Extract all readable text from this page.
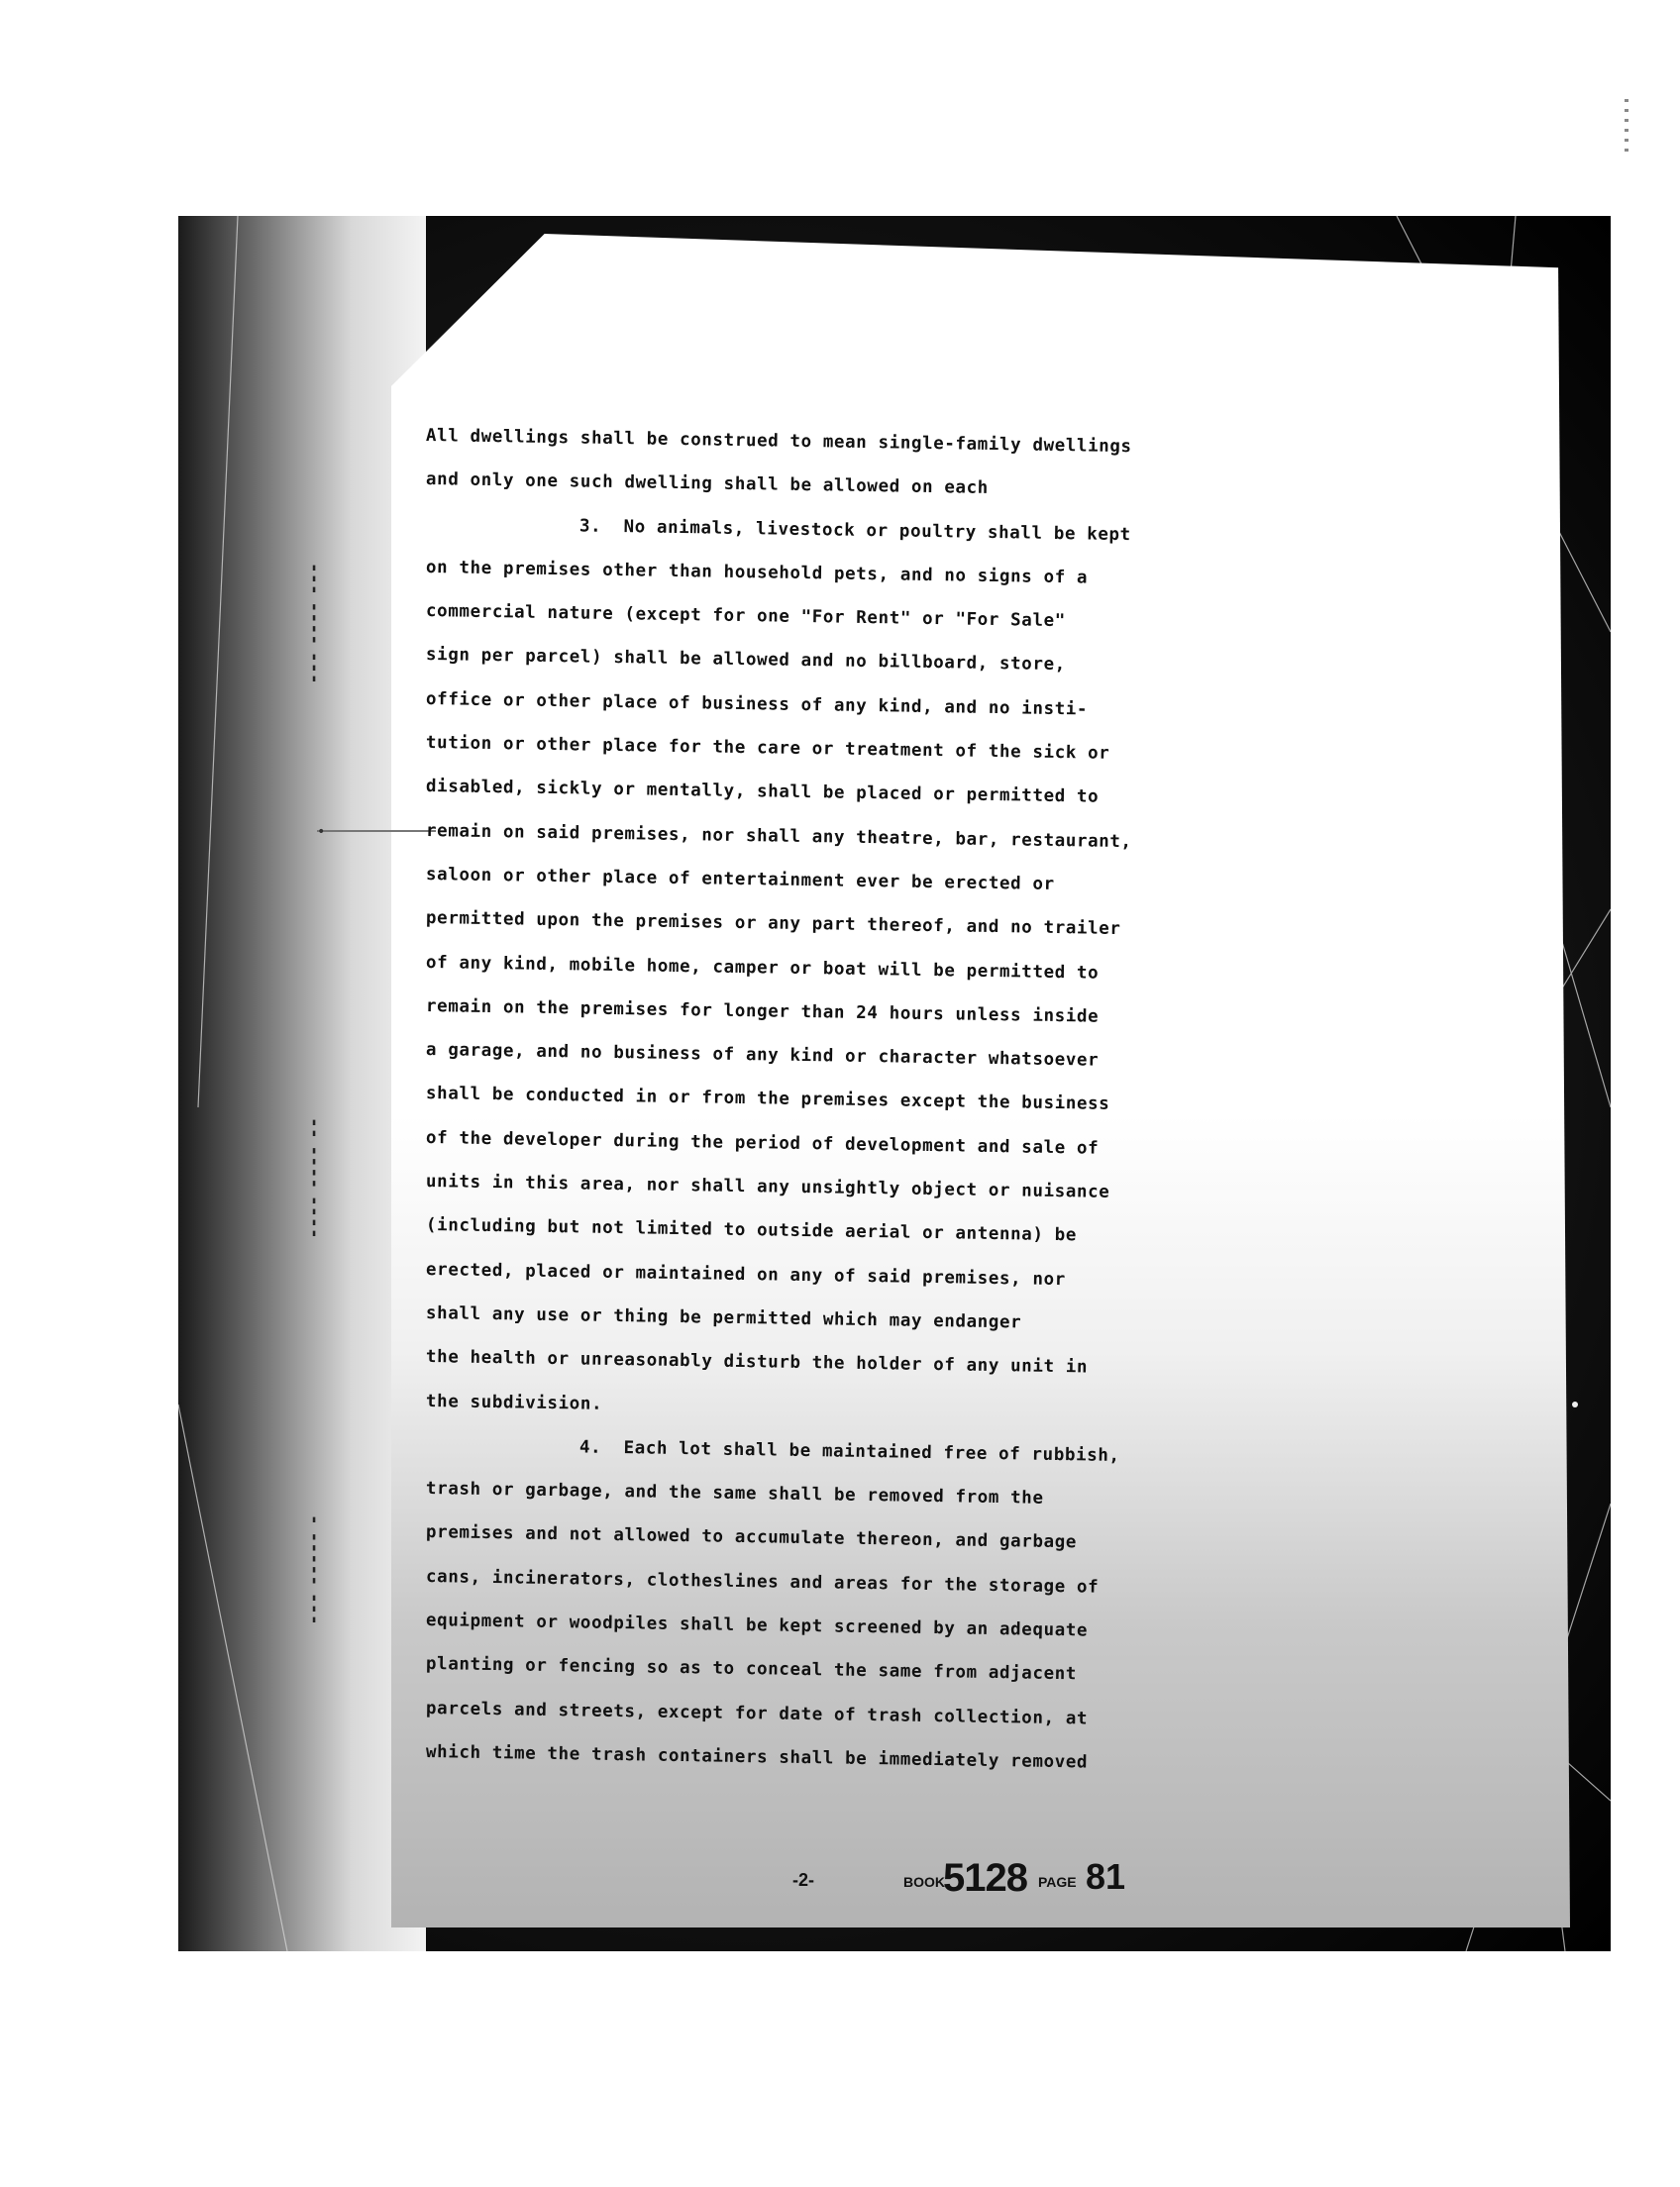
▮▮▮ ▮▮▮▮ ▮▮▮
▮▮▮▮ ▮▮▮▮ ▮▮
▮▮▮ ▮▮▮▮▮ ▮
•
All dwellings shall be construed to mean single-family dwellings
and only one such dwelling shall be allowed on each
3.  No animals, livestock or poultry shall be kept
on the premises other than household pets, and no signs of a
commercial nature (except for one "For Rent" or "For Sale"
sign per parcel) shall be allowed and no billboard, store,
office or other place of business of any kind, and no insti-
tution or other place for the care or treatment of the sick or
disabled, sickly or mentally, shall be placed or permitted to
remain on said premises, nor shall any theatre, bar, restaurant,
saloon or other place of entertainment ever be erected or
permitted upon the premises or any part thereof, and no trailer
of any kind, mobile home, camper or boat will be permitted to
remain on the premises for longer than 24 hours unless inside
a garage, and no business of any kind or character whatsoever
shall be conducted in or from the premises except the business
of the developer during the period of development and sale of
units in this area, nor shall any unsightly object or nuisance
(including but not limited to outside aerial or antenna) be
erected, placed or maintained on any of said premises, nor
shall any use or thing be permitted which may endanger
the health or unreasonably disturb the holder of any unit in
the subdivision.
4.  Each lot shall be maintained free of rubbish,
trash or garbage, and the same shall be removed from the
premises and not allowed to accumulate thereon, and garbage
cans, incinerators, clotheslines and areas for the storage of
equipment or woodpiles shall be kept screened by an adequate
planting or fencing so as to conceal the same from adjacent
parcels and streets, except for date of trash collection, at
which time the trash containers shall be immediately removed
-2-	BOOK
5128 PAGE 81
